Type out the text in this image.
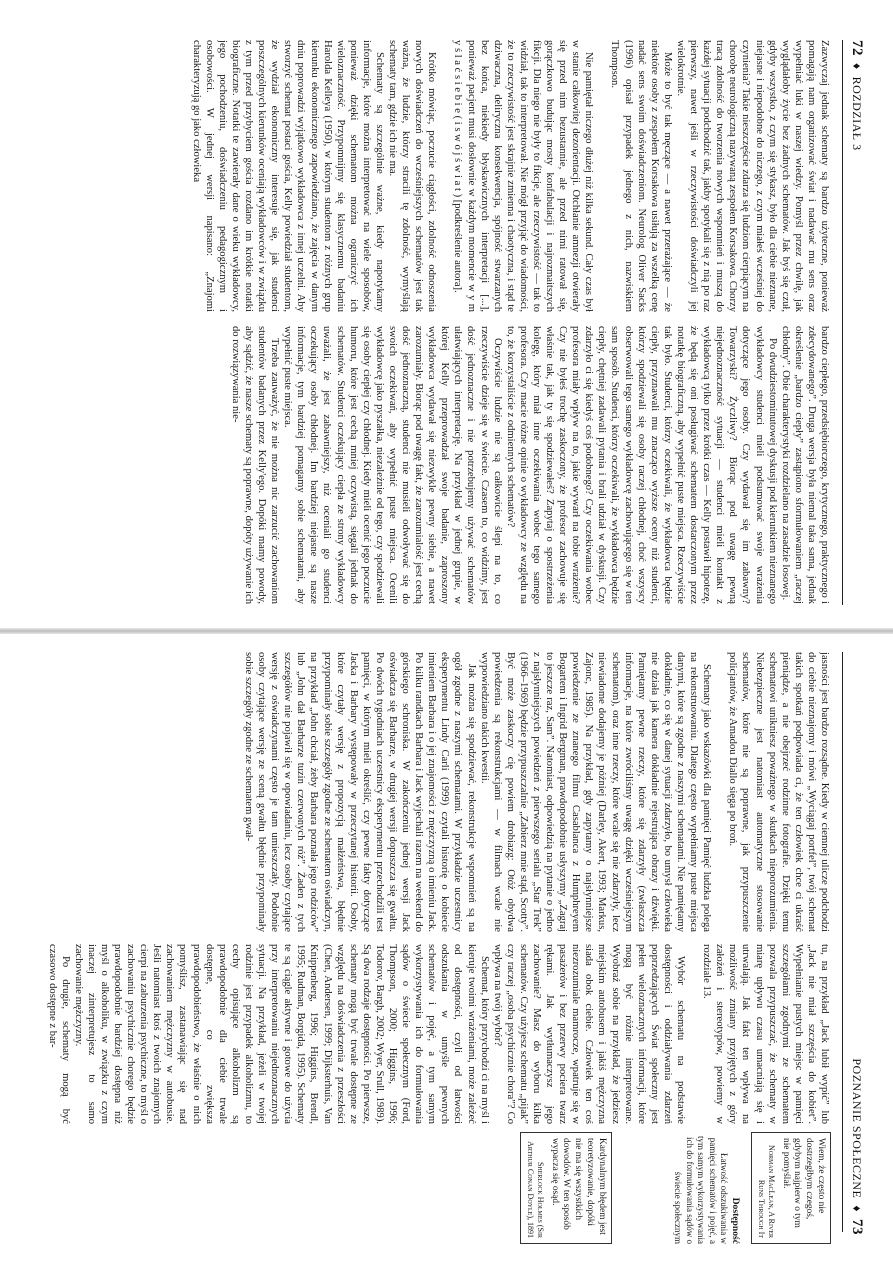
72  ♦  ROZDZIAŁ 3

Zazwyczaj jednak schematy są bardzo użyteczne, ponieważ pomagają nam organizować świat i nadawać mu sens oraz wypełniać luki w naszej wiedzy. Pomyśl przez chwilę, jak wyglądałoby życie bez żadnych schematów. Jak byś się czuł, gdyby wszystko, z czym się stykasz, było dla ciebie nieznane, niejasne i niepodobne do niczego, z czym miałeś wcześniej do czynienia? Takie nieszczęście zdarza się ludziom cierpiącym na chorobę neurologiczną nazywaną zespołem Korsakowa. Chorzy tracą zdolność do tworzenia nowych wspomnień i muszą do każdej sytuacji podchodzić tak, jakby spotykali się z nią po raz pierwszy, nawet jeśli w rzeczywistości doświadczyli jej wielokrotnie.

Może to być tak męczące — a nawet przerażające — że niektóre osoby z zespołem Korsakowa usiłują za wszelką cenę nadać sens swoim doświadczeniom. Neurolog Oliver Sacks (1996) opisał przypadek jednego z nich, nazwiskiem Thompson.

Nie pamiętał niczego dłużej niż kilka sekund. Cały czas był w stanie całkowitej dezorientacji. Otchłanie amnezji otwierały się przed nim bezustannie, ale przed nimi ratował się, gorączkowo budując mosty konfabulacji i najrozmaitszych fikcji. Dla niego nie były to fikcje, ale rzeczywistość — tak to widział, tak to interpretował. Nie mógł przyjąć do wiadomości, że to rzeczywistość jest skrajnie zmienna i chaotyczna, i stąd te dziwaczna, delirycznа konsekwencja, spójność stwarzanych bez końca, niekiedy błyskawicznych interpretacji [...], ponieważ pacjent musi dosłownie w każdym momencie w y m y ś l a ć s i e b i e ( i s w ó j ś w i a t ) [podkreślenie autora].

Krótko mówiąc, poczucie ciągłości, zdolność odnoszenia nowych doświadczeń do wcześniejszych schematów jest tak ważna, że ludzie, którzy stracili tę zdolność, wymyślają schematy tam, gdzie ich nie ma.

Schematy są szczególnie ważne, kiedy napotykamy informacje, które można interpretować na wiele sposobów, ponieważ dzięki schematom można ograniczyć ich wieloznaczność. Przypomnijmy się klasycznemu badaniu Harolda Kelleya (1950), w którym studentom z różnych grup kierunku ekonomicznego zapowiedziano, że zajęcia w danym dniu poprowadzi wyjątkowo wykładowca z innej uczelni. Aby stworzyć schemat postaci gościa, Kelly powiedział studentom, że wydział ekonomiczny interesuje się, jak studenci poszczególnych kierunków oceniają wykładowców i w związku z tym przed przybyciem gościa rozdano im krótkie notatki biograficzne. Notatki te zawierały dane o wieku wykładowcy, jego pochodzeniu, doświadczeniu pedagogicznym i osobowości. W jednej wersji napisano: „Znajomi charakteryzują go jako człowieka

bardzo ciepłego, przedsiębiorczego, krytycznego, praktycznego i zdecydowanego”. Druga wersja była niemal taka sama, jednak określenie „bardzo ciepły” zastąpiono sformułowaniem „raczej chłodny”. Obie charakterystyki rozdzielano na zasadzie losowej.

Po dwudziestominutowej dyskusji pod kierunkiem nieznanego wykładowcy studenci mieli podsumować swoje wrażenia dotyczące jego osoby. Czy wydawał się im zabawny? Towarzyski? Życzliwy? Biorąc pod uwagę pewną niejednoznaczność sytuacji — studenci mieli kontakt z wykładowcą tylko przez krótki czas — Kelly postawił hipotezę, że będą się oni posługiwać schematem dostarczonym przez notatkę biograficzną, aby wypełnić puste miejsca. Rzeczywiście tak było. Studenci, którzy oczekiwali, że wykładowca będzie ciepły, przyznawali mu znacząco wyższe oceny niż studenci, którzy spodziewali się osoby raczej chłodnej, choć wszyscy obserwowali tego samego wykładowcę zachowującego się w ten sam sposób. Studenci, którzy oczekiwali, że wykładowca będzie ciepły, chętniej zadawali pytania i brali udział w dyskusji. Czy zdarzyło ci się kiedyś coś podobnego? Czy oczekiwania wobec profesora miały wpływ na to, jakie wywarł na tobie wrażenie? Czy nie byłeś trochę zaskoczony, że profesor zachowuje się właśnie tak, jak ty się spodziewałeś? Zapytaj o spostrzeżenia kolegę, który miał inne oczekiwania wobec tego samego profesora. Czy macie różne opinie o wykładowcy ze względu na to, że korzystaliście z odmiennych schematów?

Oczywiście ludzie nie są całkowicie ślepi na to, co rzeczywiście dzieje się w świecie. Czasem to, co widzimy, jest dość jednoznaczne i nie potrzebujemy używać schematów ułatwiających interpretację. Na przykład w jednej grupie, w której Kelly przeprowadzał swoje badanie, zaproszony wykładowca wydawał się niezwykle pewny siebie, a nawet zarozumiały. Biorąc pod uwagę fakt, że zarozumialość jest cechą dość jednoznaczną, studenci nie musieli odwoływać się do swoich oczekiwań, aby wypełnić puste miejsca. Ocenili wykładowcę jako pyszałka, niezależnie od tego, czy spodziewali się osoby ciepłej czy chłodnej. Kiedy mieli ocenić jego poczucie humoru, które jest cechą mniej oczywistą, sięgali jednak do schematów. Studenci oczekujący ciepła ze strony wykładowcy uważali, że jest zabawniejszy, niż oceniali go studenci oczekujący osoby chłodnej. Im bardziej niejasne są nasze informacje, tym bardziej pomagamy sobie schematami, aby wypełnić puste miejsca.

Trzeba zauważyć, że nie można nic zarzucić zachowaniom studentów badanych przez Kelly'ego. Dopóki mamy powody, aby sądzić, że nasze schematy są poprawne, dopóty używanie ich do rozwiązywania nie-

POZNANIE SPOŁECZNE  ♦  73

jasności jest bardzo rozsądne. Kiedy w ciemnej ulicze podchodzi do ciebie nieznajomy i mówi „Wyciągaj portfel”, twój schemat takich spotkań podpowiada ci, że ten człowiek chce ci ukraść pieniądze, a nie obejrzeć rodzinne fotografie. Dzięki temu schematowi unikniesz poważnego w skutkach nieporozumienia. Niebezpieczne jest natomiast automatyczne stosowanie schematów, które nie są poprawne, jak przypuszczenie policjantów, że Amadou Diallo sięga po broń.

Schematy jako wskazówki dla pamięci Pamięć ludzka polega na rekonstruowaniu. Dlatego często wypełniamy puste miejsca danymi, które są zgodne z naszymi schematami. Nie pamiętamy dokładnie, co się w danej sytuacji zdarzyło, bo umysł człowieka nie działa jak kamera dokładnie rejestrująca obrazy i dźwięki. Pamiętamy pewne rzeczy, które się zdarzyły (zwłaszcza informacje, na które zwróciliśmy uwagę dzięki wcześniejszym schematom), oraz inne rzeczy, które wcale się nie zdarzyły, lecz niewiadome dodajemy je później (Darley, Akert, 1993; Markus, Zajonc, 1985). Na przykład, gdy zapytamy o najsłynniejsze powiedzenie ze znanego filmu Casablanca z Humphreyem Bogartem i Ingrid Bergman, prawdopodobnie usłyszymy „Zagraj to jeszcze raz, Sam”. Natomiast, odpowiedzią na pytanie o jedno z najsłynniejszych powiedzeń z pierwszego serialu „Star Trek” (1966–1969) będzie przypuszczalnie „Zabierz mnie stąd, Scotty”. Być może zaskoczy cię powiem drobiazg: Otóż obydwa powiedzenia są rekonstrukcjami — w filmach wcale nie wypowiedziano takich kwestii.

Jak można się spodziewać, rekonstrukcje wspomnień są na ogół zgodne z naszymi schematami. W przykładzie uczestnicy eksperymentu Lindy Carli (1999) czytali historię o kobiecie imieniem Barbara i o jej znajomości z mężczyzną o imieniu Jack. Po kilku randkach Barbara i Jack wyjechali razem na weekend do górskiego schroniska. W zakończeniu jednej wersji Jack oświadcza się Barbarze, w drugiej wersji dopuszcza się gwałtu. Po dwóch tygodniach uczestnicy eksperymentu przechodzili test pamięci, w którym mieli określić, czy pewne fakty dotyczące Jacka i Barbary występowały w przeczytanej historii. Osoby, które czytały wersję z propozycją małżeństwa, błędnie przypominały sobie szczegóły zgodne ze schematem oświadczyn, na przykład „John chciał, żeby Barbara poznała jego rodziców” lub „John dał Barbarze tuzin czerwonych róż”. Żaden z tych szczegółów nie pojawił się w opowiadaniu, lecz osoby czytające wersję z oświadczynami często je tam umieszczały. Podobnie osoby czytające wersję ze sceną gwałtu błędnie przypominały sobie szczegóły zgodne ze schematem gwał-

tu, na przykład „Jack lubił wypić” lub „Jack nie miał szczęścia do kobiet”. Wypełnianie pustych miejsc w pamięci szczegółami zgodnymi ze schematem pozwala przypuszczać, że schematy w miarę upływu czasu umacniają się i utrwalają. Jak fakt ten wpływa na możliwość zmiany przyjętych z góry założeń i stereotypów, powiemy w rozdziale 13.

Wybór schematu na podstawie dostępności i oddziaływania zdarzeń poprzedzających Świat społeczny jest pełen wieloznacznych informacji, które mogą być różnie interpretowane. Wyobraź sobie na przykład, że jedziesz miejskim autobusem i jakiś mężczyzna siada obok ciebie. Człowiek ten coś niezrozumiale mamrocze, wpatruje się w pasażerów i bez przerwy pociera twarz rękami. Jak wytłumaczysz jego zachowanie? Masz do wyboru kilka schematów. Czy użyjesz schematu „pijak” czy raczej „osoba psychicznie chora”? Co wpływa na twój wybór?

Schemat, który przychodzi ci na myśl i kieruje twoimi wrażeniami, może zależeć od dostępności, czyli od łatwości odszukania w umyśle pewnych schematów i pojęć, a tym samym wykorzystywania ich do formułowania sądów o świecie społecznym (Ford, Thompson, 2000; Higgins, 1996; Todorov, Bargh, 2002; Wyer, Srull, 1989). Są dwa rodzaje dostępności. Po pierwsze, schematy mogą być trwale dostępne ze względu na doświadczenia z przeszłości (Chen, Andersen, 1999; Dijksterhuis, Van Knippenberg, 1996; Higgins, Brendl, 1995; Rudman, Borgida, 1995). Schematy te są ciągle aktywne i gotowe do użycia przy interpretowaniu niejednoznacznych sytuacji. Na przykład, jeżeli w twojej rodzinie jest przypadek alkoholizmu, to cechy opisujące alkoholizm są prawdopodobnie dla ciebie trwale dostępne, co zwiększa prawdopodobieństwo, że właśnie o nich pomyślisz, zastanawiając się nad zachowaniem mężczyzny w autobusie. Jeśli natomiast ktoś z twoich znajomych cierpi na zaburzenia psychiczne, to myśl o zachowaniu psychicznie chorego będzie prawdopodobnie bardziej dostępna niż myśl o alkoholiku, w związku z czym inaczej zinterpretujesz to samo zachowanie mężczyzny.

Po drugie, schematy mogą być czasowo dostępne z bar-

Wiem, że często nie dostrzegłbym czegoś, gdybym najpierw o tym nie pomyślał.
Norman MacLean, A River Runs Through It
Dostępność
Łatwość odszukiwania w pamięci schematów i pojęć, a tym samym wykorzystywania ich do formułowania sądów o świecie społecznym
Kardynalnym błędem jest teoretyzowanie, dopóki nie ma się wszystkich dowodów. W ten sposób wypacza się osąd.
Sherlock Holmes (Sir Arthur Conan Doyle), 1891
